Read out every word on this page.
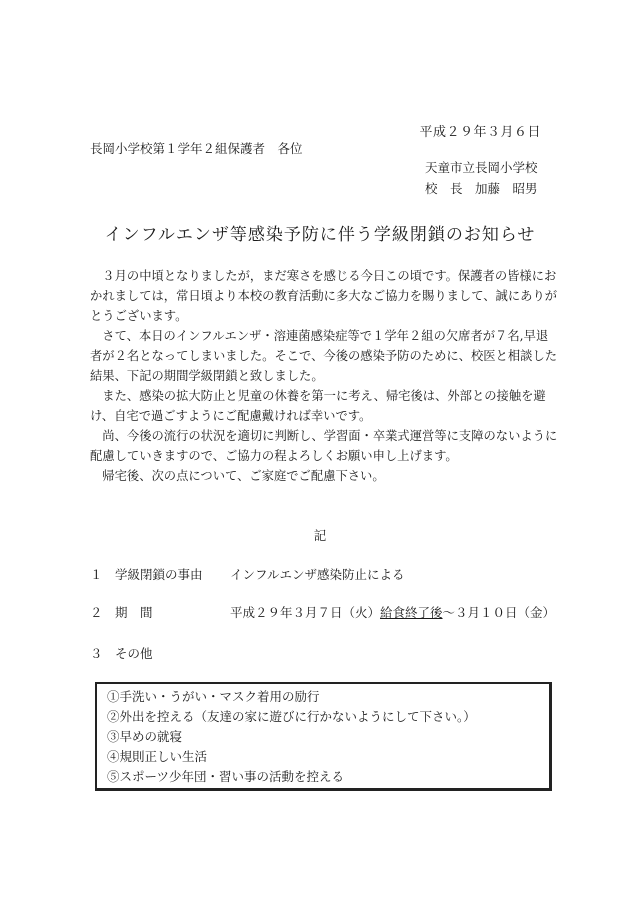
平成２９年３月６日
長岡小学校第１学年２組保護者　各位
天童市立長岡小学校
校　長　加藤　昭男
インフルエンザ等感染予防に伴う学級閉鎖のお知らせ

３月の中頃となりましたが，まだ寒さを感じる今日この頃です。保護者の皆様におかれましては，常日頃より本校の教育活動に多大なご協力を賜りまして、誠にありがとうございます。

さて、本日のインフルエンザ・溶連菌感染症等で１学年２組の欠席者が７名,早退者が２名となってしまいました。そこで、今後の感染予防のために、校医と相談した結果、下記の期間学級閉鎖と致しました。

また、感染の拡大防止と児童の休養を第一に考え、帰宅後は、外部との接触を避け、自宅で過ごすようにご配慮戴ければ幸いです。

尚、今後の流行の状況を適切に判断し、学習面・卒業式運営等に支障のないように配慮していきますので、ご協力の程よろしくお願い申し上げます。

帰宅後、次の点について、ご家庭でご配慮下さい。

記
１ 学級閉鎖の事由 インフルエンザ感染防止による
２ 期　間	平成２９年３月７日（火）給食終了後～３月１０日（金）
３ その他
①手洗い・うがい・マスク着用の励行
②外出を控える（友達の家に遊びに行かないようにして下さい。）
③早めの就寝
④規則正しい生活
⑤スポーツ少年団・習い事の活動を控える
